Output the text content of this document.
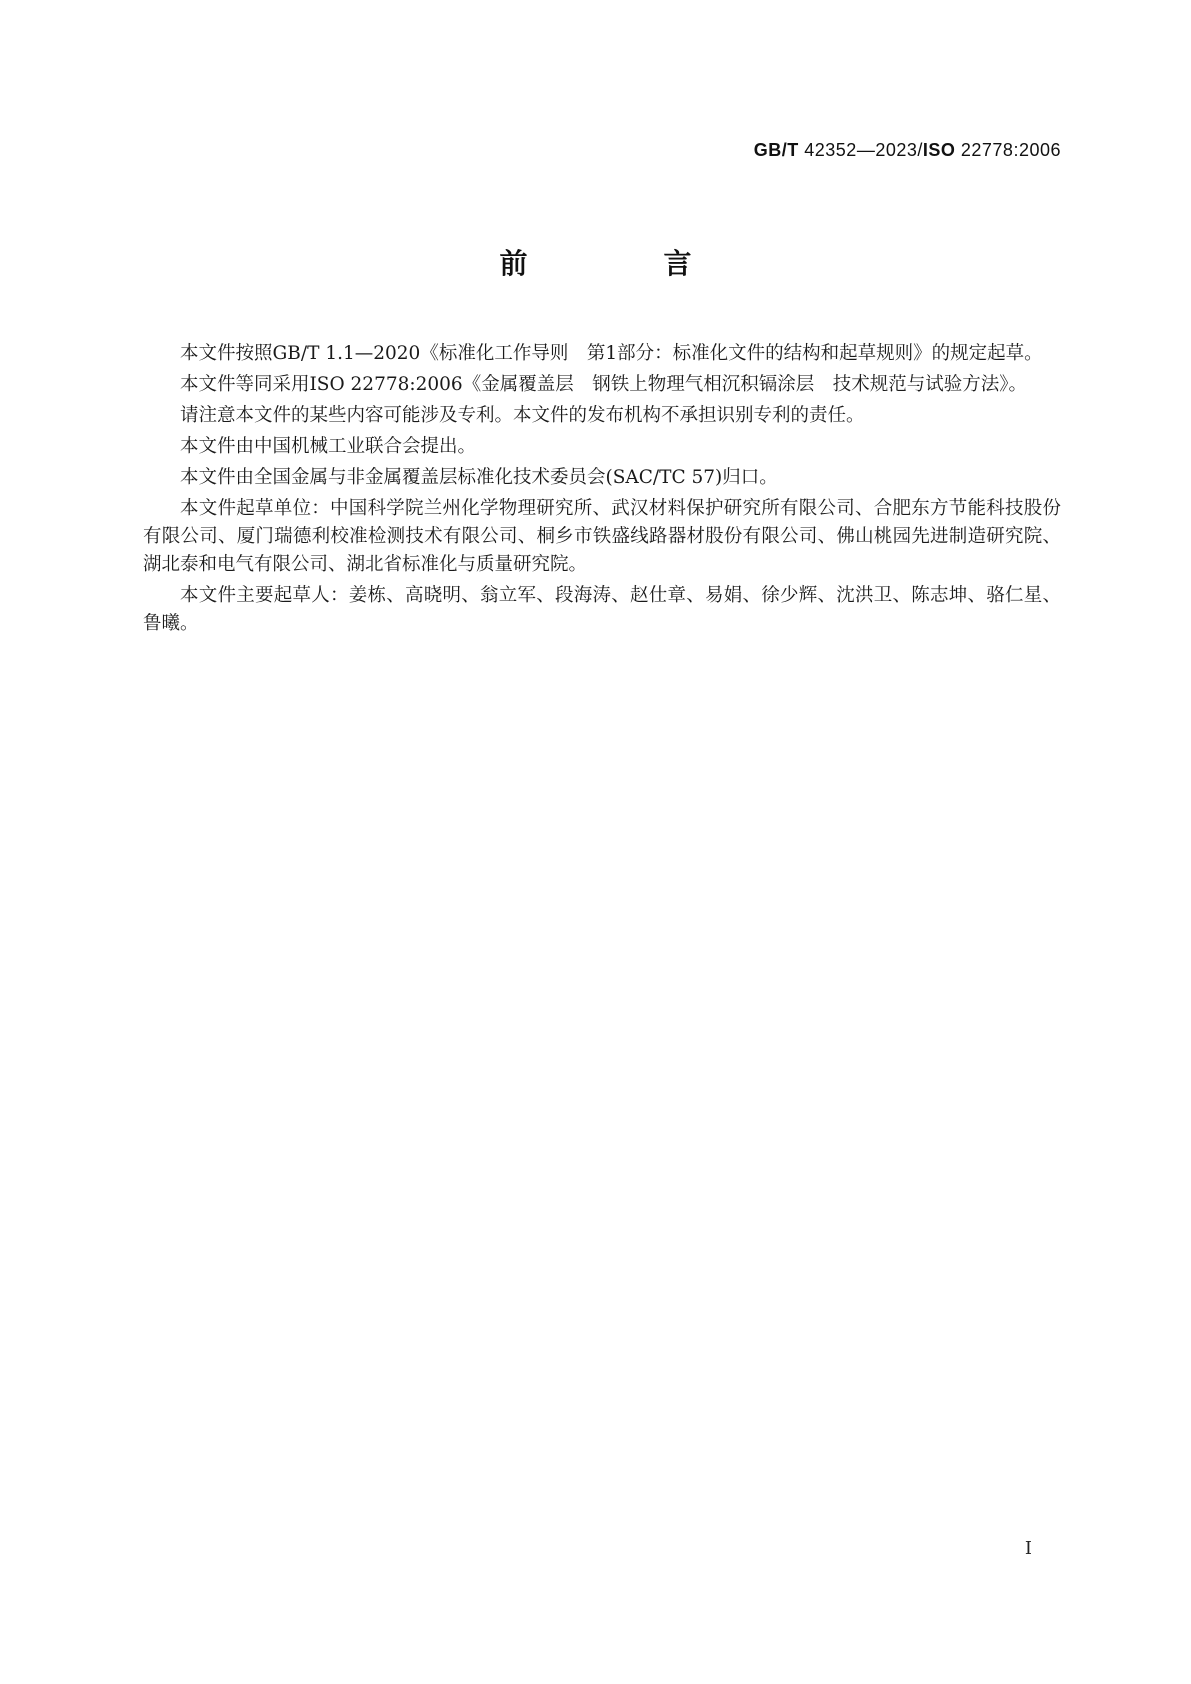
GB/T 42352—2023/ISO 22778:2006
前　言

本文件按照GB/T 1.1—2020《标准化工作导则　第1部分：标准化文件的结构和起草规则》的规定起草。

本文件等同采用ISO 22778:2006《金属覆盖层　钢铁上物理气相沉积镉涂层　技术规范与试验方法》。

请注意本文件的某些内容可能涉及专利。本文件的发布机构不承担识别专利的责任。

本文件由中国机械工业联合会提出。

本文件由全国金属与非金属覆盖层标准化技术委员会(SAC/TC 57)归口。

本文件起草单位：中国科学院兰州化学物理研究所、武汉材料保护研究所有限公司、合肥东方节能科技股份有限公司、厦门瑞德利校准检测技术有限公司、桐乡市铁盛线路器材股份有限公司、佛山桃园先进制造研究院、湖北泰和电气有限公司、湖北省标准化与质量研究院。

本文件主要起草人：姜栋、高晓明、翁立军、段海涛、赵仕章、易娟、徐少辉、沈洪卫、陈志坤、骆仁星、鲁曦。

I
